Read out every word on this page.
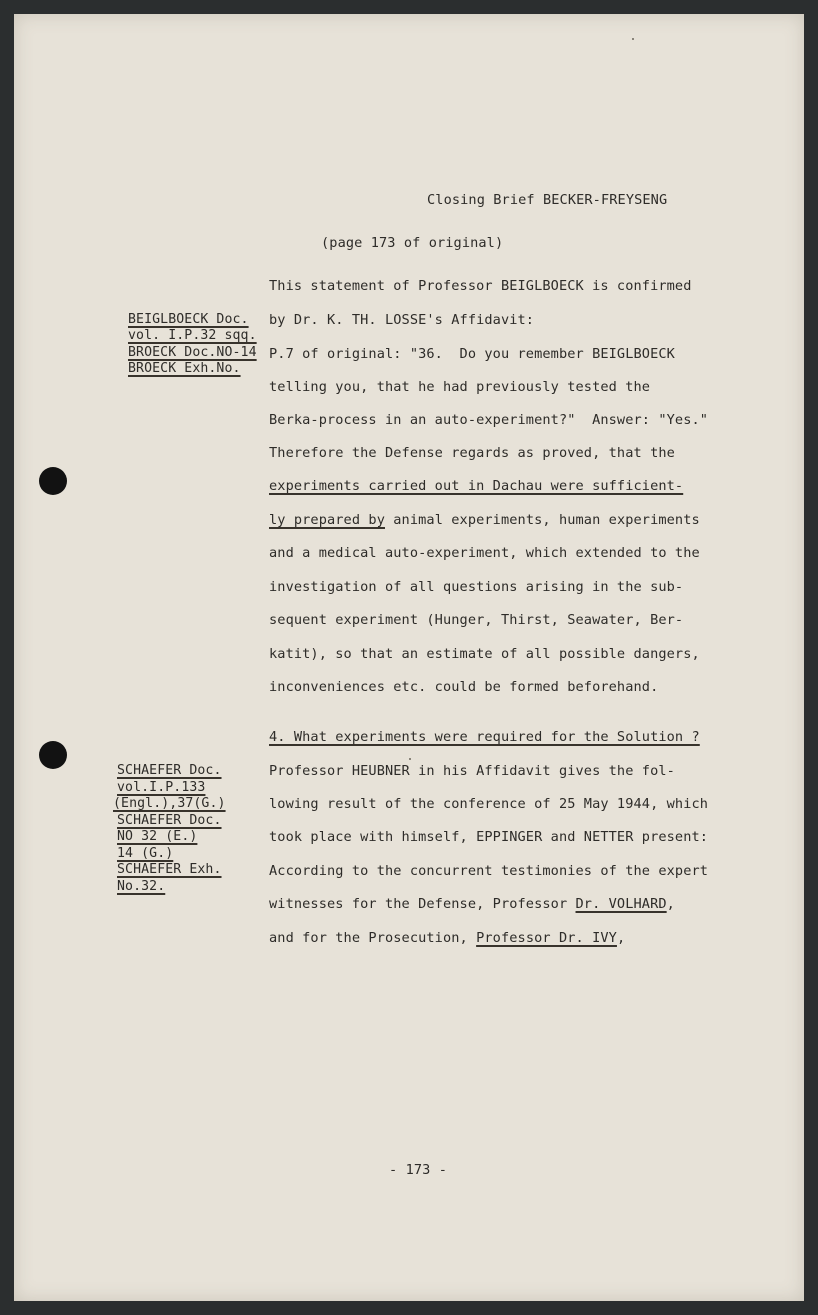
Closing Brief BECKER-FREYSENG
(page 173 of original)
BEIGLBOECK Doc.
vol. I.P.32 sqq.
BROECK Doc.NO-14
BROECK Exh.No.
This statement of Professor BEIGLBOECK is confirmed
by Dr. K. TH. LOSSE's Affidavit:
P.7 of original: "36.  Do you remember BEIGLBOECK
telling you, that he had previously tested the
Berka-process in an auto-experiment?"  Answer: "Yes."
Therefore the Defense regards as proved, that the
experiments carried out in Dachau were sufficient-
ly prepared by animal experiments, human experiments
and a medical auto-experiment, which extended to the
investigation of all questions arising in the sub-
sequent experiment (Hunger, Thirst, Seawater, Ber-
katit), so that an estimate of all possible dangers,
inconveniences etc. could be formed beforehand.
4. What experiments were required for the Solution ?
SCHAEFER Doc.
vol.I.P.133
(Engl.),37(G.)
SCHAEFER Doc.
NO 32 (E.)
14 (G.)
SCHAEFER Exh.
No.32.
Professor HEUBNER in his Affidavit gives the fol-
lowing result of the conference of 25 May 1944, which
took place with himself, EPPINGER and NETTER present:
According to the concurrent testimonies of the expert
witnesses for the Defense, Professor Dr. VOLHARD,
and for the Prosecution, Professor Dr. IVY,
- 173 -
